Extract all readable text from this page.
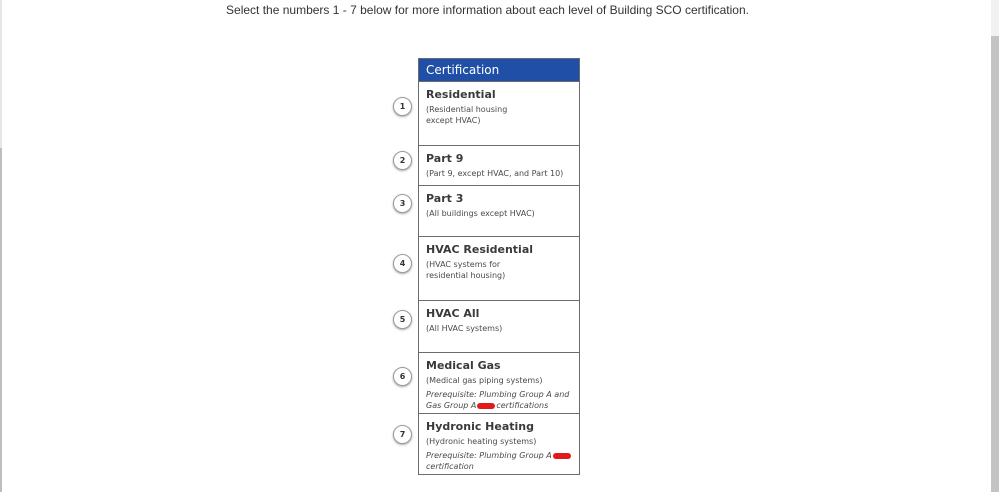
Select the numbers 1 - 7 below for more information about each level of Building SCO certification.
Certification
Residential
(Residential housing
except HVAC)
Part 9
(Part 9, except HVAC, and Part 10)
Part 3
(All buildings except HVAC)
HVAC Residential
(HVAC systems for
residential housing)
HVAC All
(All HVAC systems)
Medical Gas
(Medical gas piping systems)
Prerequisite: Plumbing Group A and Gas Group A	certifications
Hydronic Heating
(Hydronic heating systems)
Prerequisite: Plumbing Group A
certification
1
2
3
4
5
6
7
